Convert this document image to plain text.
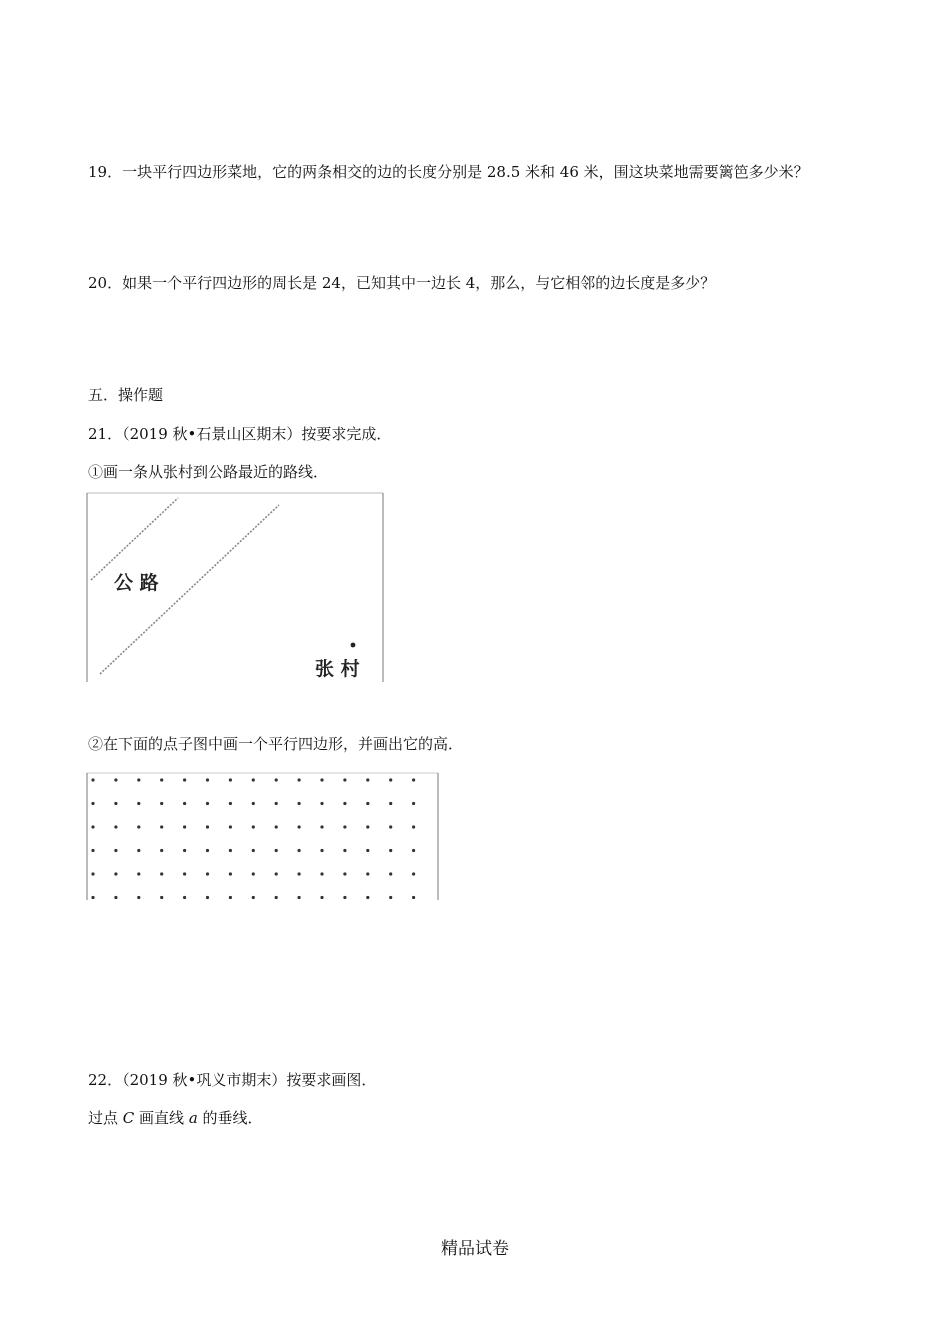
19．一块平行四边形菜地，它的两条相交的边的长度分别是 28.5 米和 46 米，围这块菜地需要篱笆多少米？
20．如果一个平行四边形的周长是 24，已知其中一边长 4，那么，与它相邻的边长度是多少？
五．操作题
21．（2019 秋•石景山区期末）按要求完成．
①画一条从张村到公路最近的路线．
公 路
张 村
②在下面的点子图中画一个平行四边形，并画出它的高．
22．（2019 秋•巩义市期末）按要求画图．
过点 C 画直线 a 的垂线．
精品试卷
